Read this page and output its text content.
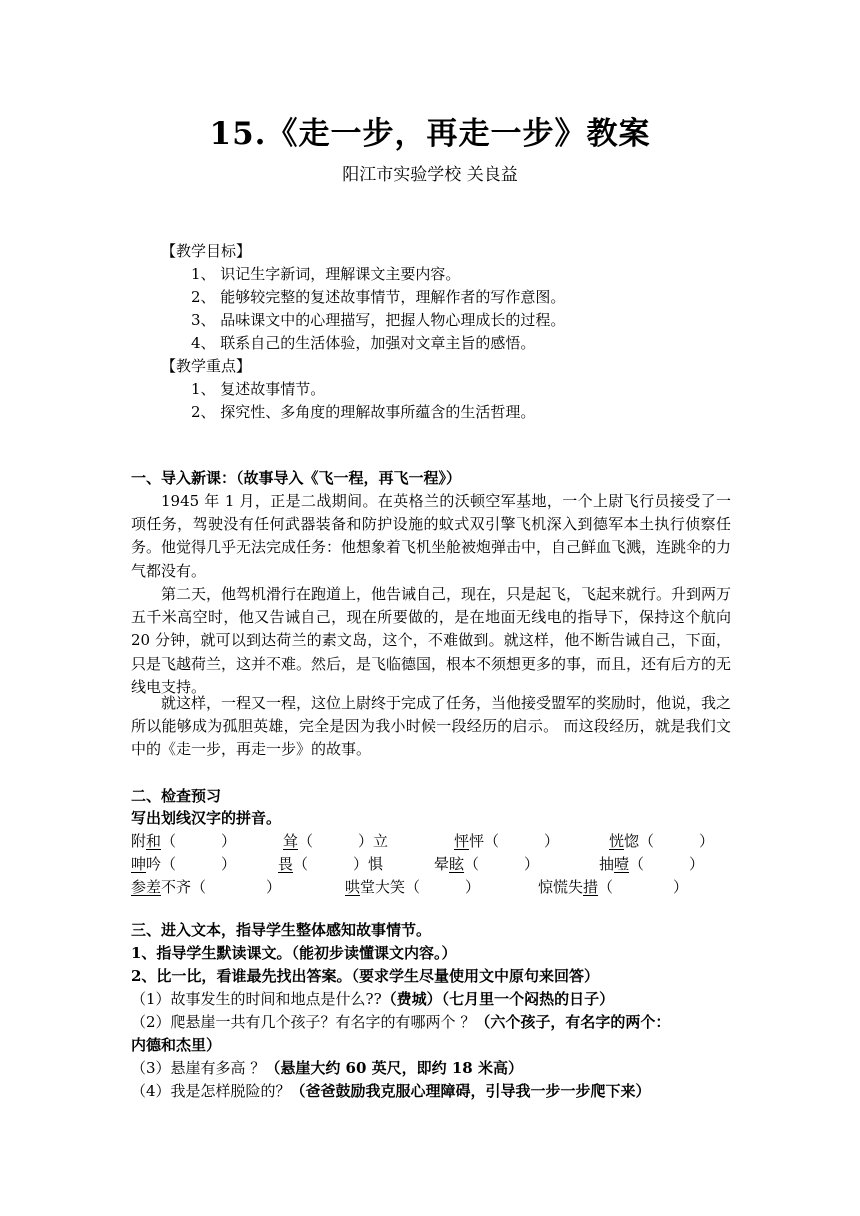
15.《走一步，再走一步》教案
阳江市实验学校 关良益
【教学目标】
1、 识记生字新词，理解课文主要内容。
2、 能够较完整的复述故事情节，理解作者的写作意图。
3、 品味课文中的心理描写，把握人物心理成长的过程。
4、 联系自己的生活体验，加强对文章主旨的感悟。
【教学重点】
1、 复述故事情节。
2、 探究性、多角度的理解故事所蕴含的生活哲理。
一、导入新课：（故事导入《飞一程，再飞一程》）
1945 年 1 月，正是二战期间。在英格兰的沃顿空军基地，一个上尉飞行员接受了一项任务，驾驶没有任何武器装备和防护设施的蚊式双引擎飞机深入到德军本土执行侦察任务。他觉得几乎无法完成任务：他想象着飞机坐舱被炮弹击中，自己鲜血飞溅，连跳伞的力气都没有。
第二天，他驾机滑行在跑道上，他告诫自己，现在，只是起飞，飞起来就行。升到两万五千米高空时，他又告诫自己，现在所要做的，是在地面无线电的指导下，保持这个航向 20 分钟，就可以到达荷兰的素文岛，这个，不难做到。就这样，他不断告诫自己，下面，只是飞越荷兰，这并不难。然后，是飞临德国，根本不须想更多的事，而且，还有后方的无线电支持。
就这样，一程又一程，这位上尉终于完成了任务，当他接受盟军的奖励时，他说，我之所以能够成为孤胆英雄，完全是因为我小时候一段经历的启示。 而这段经历，就是我们文中的《走一步，再走一步》的故事。
二、检查预习
写出划线汉字的拼音。
附和（　　　）	耸（　　　）立	怦怦（　　　）	恍惚（　　　）
呻吟（　　　）	畏（　　　）惧	晕眩（　　　）	抽噎（　　　）
参差不齐（　　　　）	哄堂大笑（　　　）	惊慌失措（　　　　）
三、进入文本，指导学生整体感知故事情节。
1、指导学生默读课文。（能初步读懂课文内容。）
2、比一比，看谁最先找出答案。（要求学生尽量使用文中原句来回答）
（1）故事发生的时间和地点是什么??（费城）（七月里一个闷热的日子）
（2）爬悬崖一共有几个孩子？有名字的有哪两个 ？（六个孩子，有名字的两个：
内德和杰里）
（3）悬崖有多高 ？（悬崖大约 60 英尺，即约 18 米高）
（4）我是怎样脱险的？（爸爸鼓励我克服心理障碍，引导我一步一步爬下来）
